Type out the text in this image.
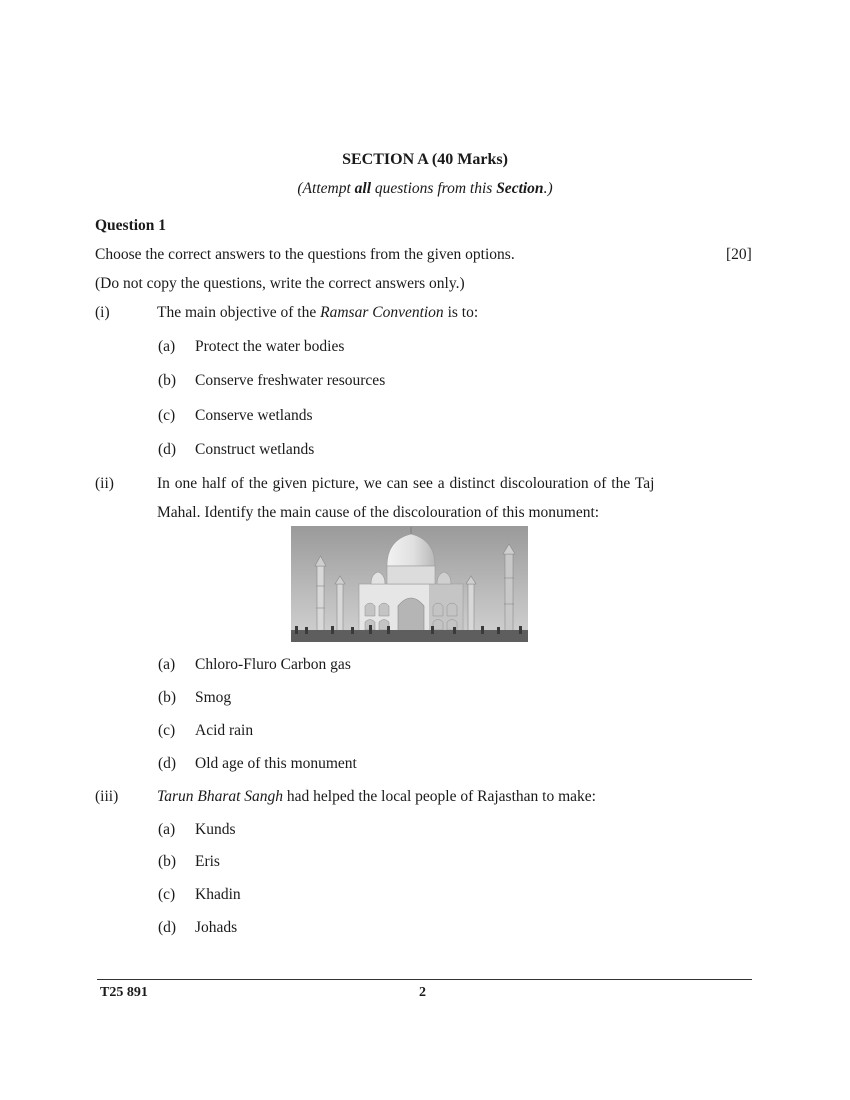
SECTION A (40 Marks)
(Attempt all questions from this Section.)
Question 1
Choose the correct answers to the questions from the given options.	[20]
(Do not copy the questions, write the correct answers only.)
(i)	The main objective of the Ramsar Convention is to:
(a) Protect the water bodies
(b) Conserve freshwater resources
(c) Conserve wetlands
(d) Construct wetlands
(ii)	In one half of the given picture, we can see a distinct discolouration of the Taj
Mahal. Identify the main cause of the discolouration of this monument:
(a) Chloro-Fluro Carbon gas
(b) Smog
(c) Acid rain
(d) Old age of this monument
(iii)	Tarun Bharat Sangh had helped the local people of Rajasthan to make:
(a) Kunds
(b) Eris
(c) Khadin
(d) Johads
T25 891	2
